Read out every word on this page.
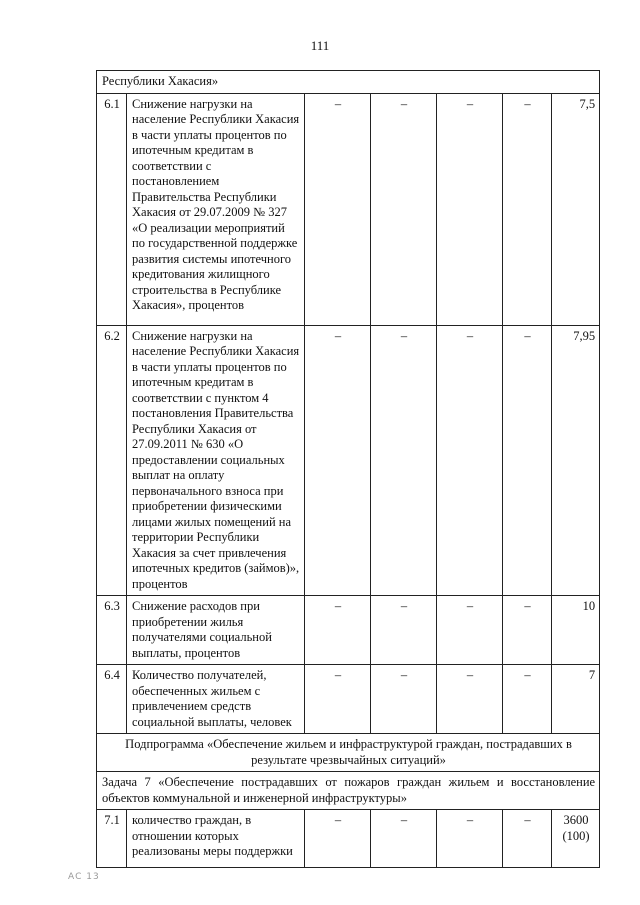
111
Республики Хакасия»						
6.1	Снижение нагрузки на население Республики Хакасия в части уплаты процентов по ипотечным кредитам в соответствии с постановлением Правительства Республики Хакасия от 29.07.2009 № 327 «О реализации мероприятий по государственной поддержке развития системы ипотечного кредитования жилищного строительства в Республике Хакасия», процентов	–	–	–	–	7,5
6.2	Снижение нагрузки на население Республики Хакасия в части уплаты процентов по ипотечным кредитам в соответствии с пунктом 4 постановления Правительства Республики Хакасия от 27.09.2011 № 630 «О предоставлении социальных выплат на оплату первоначального взноса при приобретении физическими лицами жилых помещений на территории Республики Хакасия за счет привлечения ипотечных кредитов (займов)», процентов	–	–	–	–	7,95
6.3	Снижение расходов при приобретении жилья получателями социальной выплаты, процентов	–	–	–	–	10
6.4	Количество получателей, обеспеченных жильем с привлечением средств социальной выплаты, человек	–	–	–	–	7
Подпрограмма «Обеспечение жильем и инфраструктурой граждан, пострадавших в результате чрезвычайных ситуаций»						
Задача 7 «Обеспечение пострадавших от пожаров граждан жильем и восстановление объектов коммунальной и инженерной инфраструктуры»						
7.1	количество граждан, в отношении которых реализованы меры поддержки	–	–	–	–	3600
(100)
АС 13
